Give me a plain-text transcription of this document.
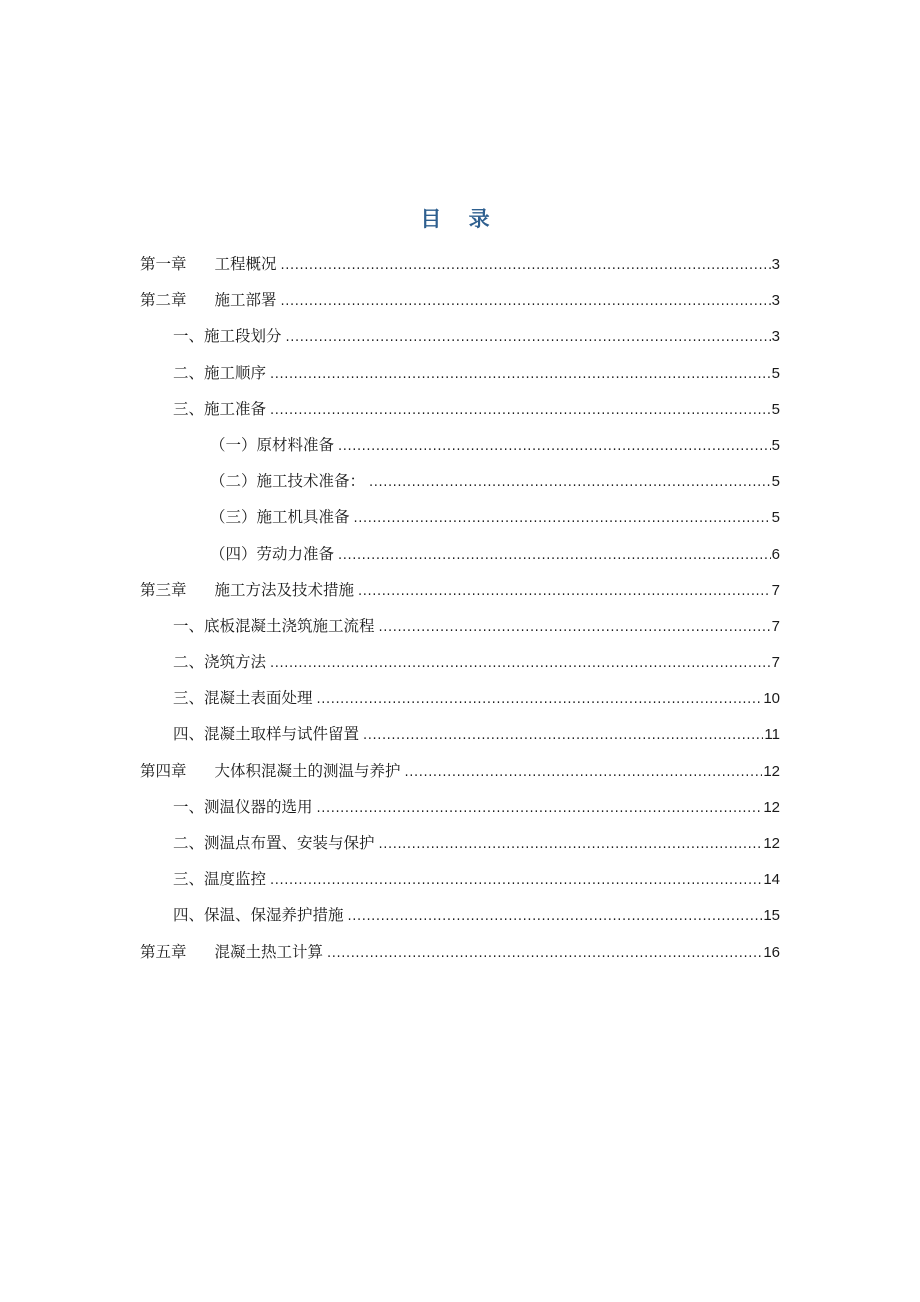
目 录
第一章 工程概况 .....	3
第二章 施工部署 .....	3
一、施工段划分 .....	3
二、施工顺序 .....	5
三、施工准备 .....	5
（一）原材料准备 .....	5
（二）施工技术准备： .....	5
（三）施工机具准备 .....	5
（四）劳动力准备 .....	6
第三章 施工方法及技术措施 .....	7
一、底板混凝土浇筑施工流程 .....	7
二、浇筑方法 .....	7
三、混凝土表面处理 .....	10
四、混凝土取样与试件留置 .....	11
第四章 大体积混凝土的测温与养护 .....	12
一、测温仪器的选用 .....	12
二、测温点布置、安装与保护 .....	12
三、温度监控 .....	14
四、保温、保湿养护措施 .....	15
第五章 混凝土热工计算 .....	16
